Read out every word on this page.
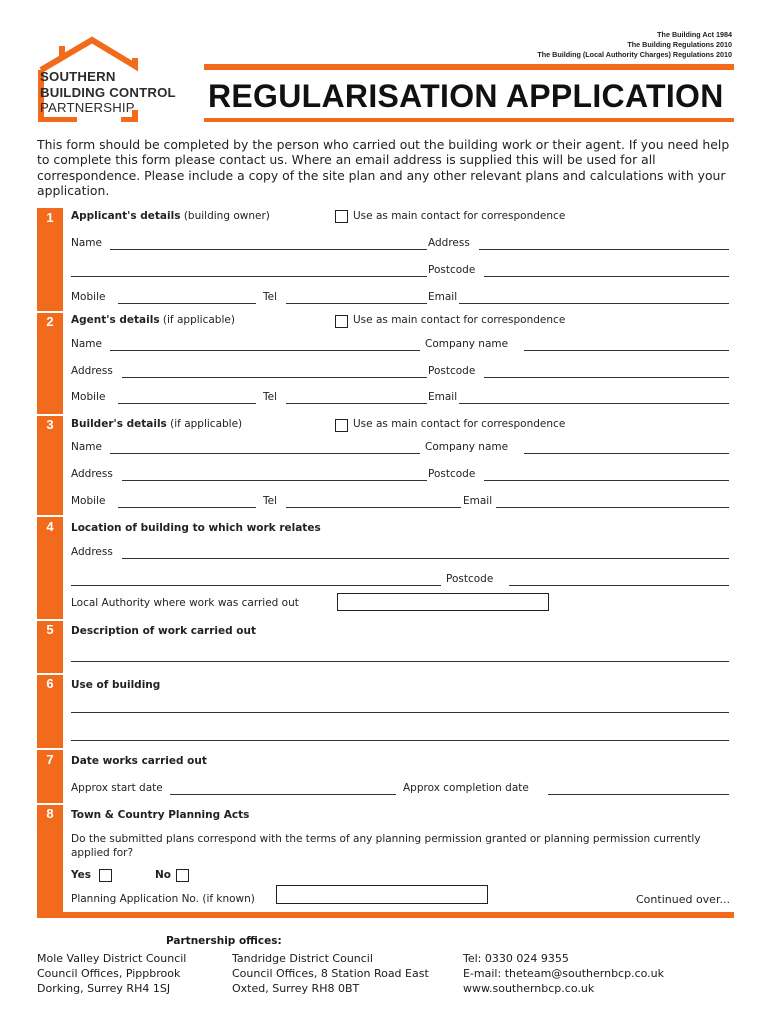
SOUTHERN
BUILDING CONTROL
PARTNERSHIP
The Building Act 1984
The Building Regulations 2010
The Building (Local Authority Charges) Regulations 2010
REGULARISATION APPLICATION
This form should be completed by the person who carried out the building work or their agent. If you need help to complete this form please contact us. Where an email address is supplied this will be used for all correspondence. Please include a copy of the site plan and any other relevant plans and calculations with your application.
1
2
3
4
5
6
7
8
Applicant's details (building owner)	Use as main contact for correspondence
Name	Address
Postcode
Mobile	Tel	Email
Agent's details (if applicable)	Use as main contact for correspondence
Name	Company name
Address	Postcode
Mobile	Tel	Email
Builder's details (if applicable)	Use as main contact for correspondence
Name	Company name
Address	Postcode
Mobile	Tel	Email
Location of building to which work relates
Address
Postcode
Local Authority where work was carried out
Description of work carried out
Use of building
Date works carried out
Approx start date	Approx completion date
Town & Country Planning Acts
Do the submitted plans correspond with the terms of any planning permission granted or planning permission currently applied for?
Yes	No
Planning Application No. (if known)	Continued over...
Partnership offices:
Mole Valley District Council
Council Offices, Pippbrook
Dorking, Surrey RH4 1SJ
Tandridge District Council
Council Offices, 8 Station Road East
Oxted, Surrey RH8 0BT
Tel: 0330 024 9355
E-mail: theteam@southernbcp.co.uk
www.southernbcp.co.uk
